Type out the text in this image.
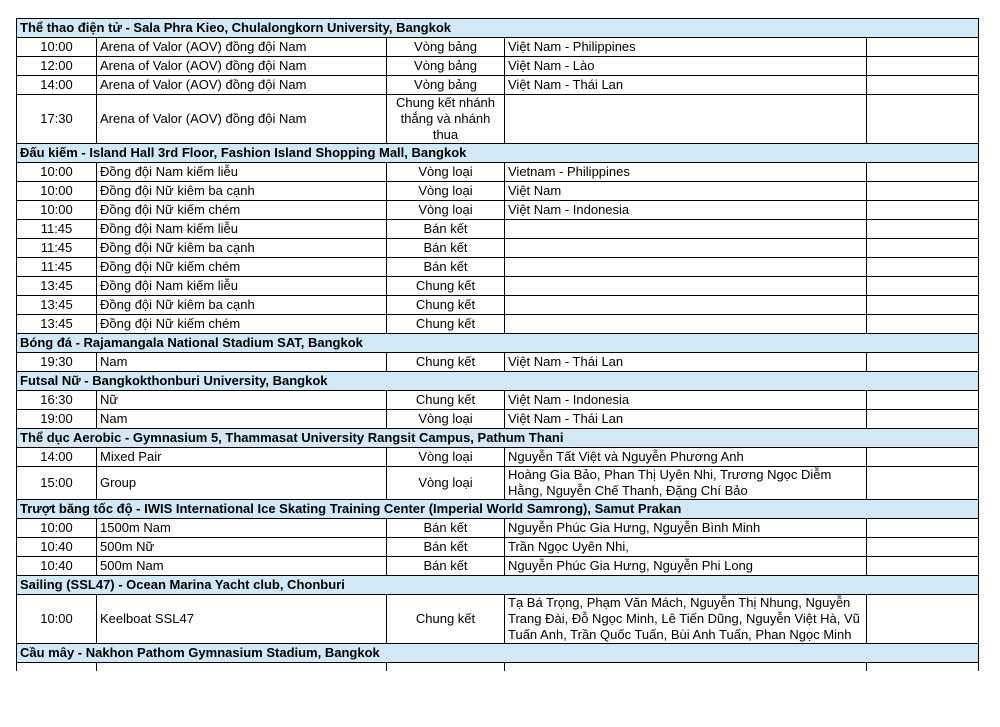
Thể thao điện tử - Sala Phra Kieo, Chulalongkorn University, Bangkok				
10:00	Arena of Valor (AOV) đồng đội Nam	Vòng bảng	Việt Nam - Philippines	
12:00	Arena of Valor (AOV) đồng đội Nam	Vòng bảng	Việt Nam - Lào	
14:00	Arena of Valor (AOV) đồng đội Nam	Vòng bảng	Việt Nam - Thái Lan	
17:30	Arena of Valor (AOV) đồng đội Nam	Chung kết nhánh thắng và nhánh thua		
Đấu kiếm - Island Hall 3rd Floor, Fashion Island Shopping Mall, Bangkok				
10:00	Đồng đội Nam kiếm liễu	Vòng loại	Vietnam - Philippines	
10:00	Đồng đội Nữ kiêm ba cạnh	Vòng loại	Việt Nam	
10:00	Đồng đội Nữ kiếm chém	Vòng loại	Việt Nam - Indonesia	
11:45	Đồng đội Nam kiếm liễu	Bán kết		
11:45	Đồng đội Nữ kiêm ba cạnh	Bán kết		
11:45	Đồng đội Nữ kiếm chém	Bán kết		
13:45	Đồng đội Nam kiếm liễu	Chung kết		
13:45	Đồng đội Nữ kiêm ba cạnh	Chung kết		
13:45	Đồng đội Nữ kiếm chém	Chung kết		
Bóng đá - Rajamangala National Stadium SAT, Bangkok				
19:30	Nam	Chung kết	Việt Nam - Thái Lan	
Futsal Nữ - Bangkokthonburi University, Bangkok				
16:30	Nữ	Chung kết	Việt Nam - Indonesia	
19:00	Nam	Vòng loại	Việt Nam - Thái Lan	
Thể dục Aerobic - Gymnasium 5, Thammasat University Rangsit Campus, Pathum Thani				
14:00	Mixed Pair	Vòng loại	Nguyễn Tất Việt và Nguyễn Phương Anh	
15:00	Group	Vòng loại	Hoàng Gia Bảo, Phan Thị Uyên Nhi, Trương Ngọc Diễm Hằng, Nguyễn Chế Thanh, Đặng Chí Bảo	
Trượt băng tốc độ - IWIS International Ice Skating Training Center (Imperial World Samrong), Samut Prakan				
10:00	1500m Nam	Bán kết	Nguyễn Phúc Gia Hưng, Nguyễn Bình Minh	
10:40	500m Nữ	Bán kết	Trần Ngọc Uyên Nhi,	
10:40	500m Nam	Bán kết	Nguyễn Phúc Gia Hưng, Nguyễn Phi Long	
Sailing (SSL47) - Ocean Marina Yacht club, Chonburi				
10:00	Keelboat SSL47	Chung kết	Tạ Bá Trọng, Phạm Văn Mách, Nguyễn Thị Nhung, Nguyễn Trang Đài, Đỗ Ngọc Minh, Lê Tiến Dũng, Nguyễn Việt Hà, Vũ Tuấn Anh, Trần Quốc Tuấn, Bùi Anh Tuấn, Phan Ngọc Minh	
Cầu mây - Nakhon Pathom Gymnasium Stadium, Bangkok				
